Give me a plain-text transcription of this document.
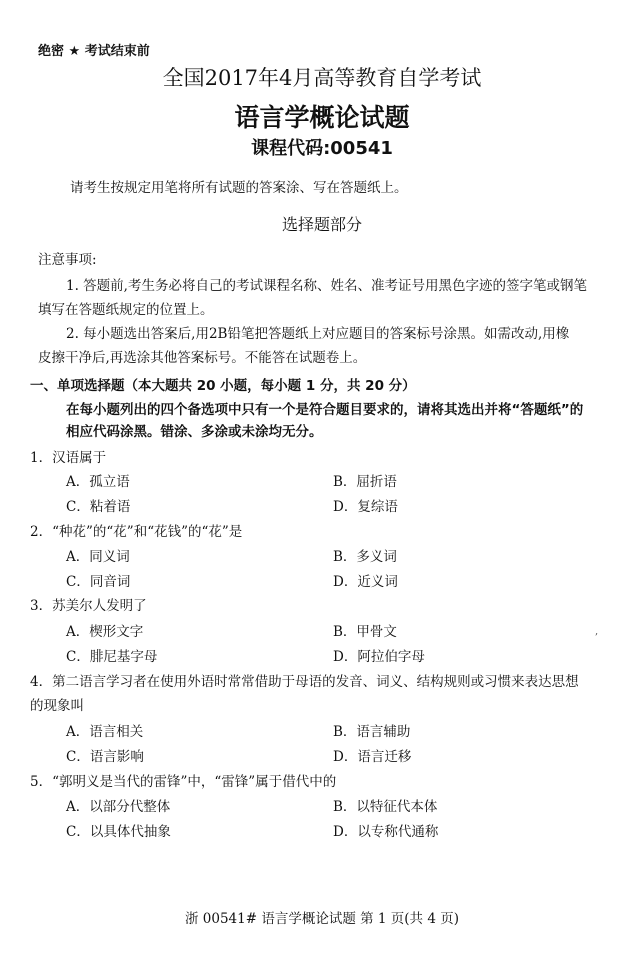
绝密 ★ 考试结束前
全国2017年4月高等教育自学考试
语言学概论试题
课程代码:00541
请考生按规定用笔将所有试题的答案涂、写在答题纸上。
选择题部分
注意事项:
1. 答题前,考生务必将自己的考试课程名称、姓名、准考证号用黑色字迹的签字笔或钢笔
填写在答题纸规定的位置上。
2. 每小题选出答案后,用2B铅笔把答题纸上对应题目的答案标号涂黑。如需改动,用橡
皮擦干净后,再选涂其他答案标号。不能答在试题卷上。
一、单项选择题（本大题共 20 小题，每小题 1 分，共 20 分）
在每小题列出的四个备选项中只有一个是符合题目要求的，请将其选出并将“答题纸”的
相应代码涂黑。错涂、多涂或未涂均无分。
1．汉语属于
A．孤立语	B．屈折语
C．粘着语	D．复综语
2．“种花”的“花”和“花钱”的“花”是
A．同义词	B．多义词
C．同音词	D．近义词
3．苏美尔人发明了
A．楔形文字	B．甲骨文
C．腓尼基字母	D．阿拉伯字母
,
4．第二语言学习者在使用外语时常常借助于母语的发音、词义、结构规则或习惯来表达思想
的现象叫
A．语言相关	B．语言辅助
C．语言影响	D．语言迁移
5．“郭明义是当代的雷锋”中，“雷锋”属于借代中的
A．以部分代整体	B．以特征代本体
C．以具体代抽象	D．以专称代通称
浙 00541# 语言学概论试题 第 1 页(共 4 页)
